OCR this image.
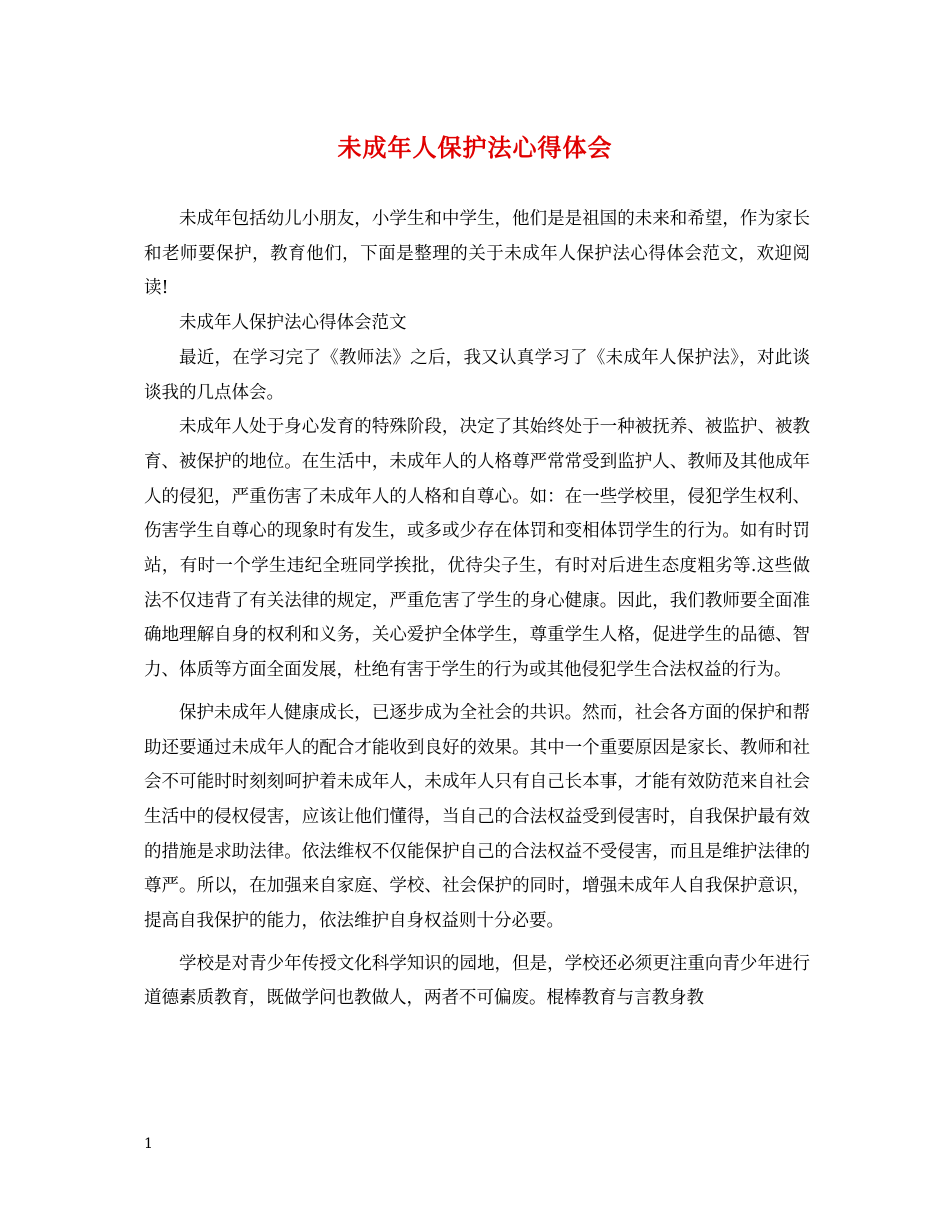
未成年人保护法心得体会

未成年包括幼儿小朋友，小学生和中学生，他们是是祖国的未来和希望，作为家长和老师要保护，教育他们，下面是整理的关于未成年人保护法心得体会范文，欢迎阅读!

未成年人保护法心得体会范文

最近，在学习完了《教师法》之后，我又认真学习了《未成年人保护法》，对此谈谈我的几点体会。

未成年人处于身心发育的特殊阶段，决定了其始终处于一种被抚养、被监护、被教育、被保护的地位。在生活中，未成年人的人格尊严常常受到监护人、教师及其他成年人的侵犯，严重伤害了未成年人的人格和自尊心。如：在一些学校里，侵犯学生权利、伤害学生自尊心的现象时有发生，或多或少存在体罚和变相体罚学生的行为。如有时罚站，有时一个学生违纪全班同学挨批，优待尖子生，有时对后进生态度粗劣等.这些做法不仅违背了有关法律的规定，严重危害了学生的身心健康。因此，我们教师要全面准确地理解自身的权利和义务，关心爱护全体学生，尊重学生人格，促进学生的品德、智力、体质等方面全面发展，杜绝有害于学生的行为或其他侵犯学生合法权益的行为。

保护未成年人健康成长，已逐步成为全社会的共识。然而，社会各方面的保护和帮助还要通过未成年人的配合才能收到良好的效果。其中一个重要原因是家长、教师和社会不可能时时刻刻呵护着未成年人，未成年人只有自己长本事，才能有效防范来自社会生活中的侵权侵害，应该让他们懂得，当自己的合法权益受到侵害时，自我保护最有效的措施是求助法律。依法维权不仅能保护自己的合法权益不受侵害，而且是维护法律的尊严。所以，在加强来自家庭、学校、社会保护的同时，增强未成年人自我保护意识，提高自我保护的能力，依法维护自身权益则十分必要。

学校是对青少年传授文化科学知识的园地，但是，学校还必须更注重向青少年进行道德素质教育，既做学问也教做人，两者不可偏废。棍棒教育与言教身教

1
